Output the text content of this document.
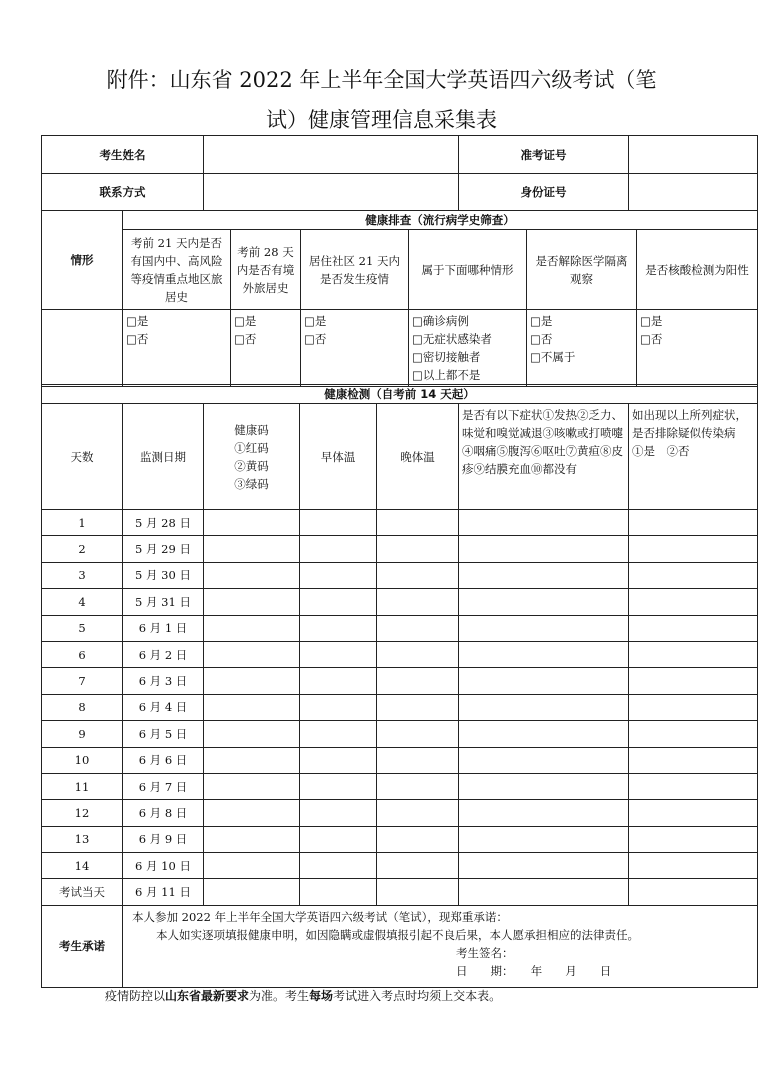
附件：山东省 2022 年上半年全国大学英语四六级考试（笔
试）健康管理信息采集表
考生姓名		准考证号	
联系方式		身份证号	
情形	健康排查（流行病学史筛查）					
	考前 21 天内是否有国内中、高风险等疫情重点地区旅居史	考前 28 天内是否有境外旅居史	居住社区 21 天内是否发生疫情	属于下面哪种情形	是否解除医学隔离观察	是否核酸检测为阳性

	□是
□否	□是
□否	□是
□否	□确诊病例
□无症状感染者
□密切接触者
□以上都不是	□是
□否
□不属于	□是
□否
健康检测（自考前 14 天起）						
天数	监测日期	健康码
①红码
②黄码
③绿码	早体温	晚体温	是否有以下症状①发热②乏力、味觉和嗅觉减退③咳嗽或打喷嚏④咽痛⑤腹泻⑥呕吐⑦黄疸⑧皮疹⑨结膜充血⑩都没有	如出现以上所列症状，是否排除疑似传染病
①是　②否
1	5 月 28 日					
2	5 月 29 日					
3	5 月 30 日					
4	5 月 31 日					
5	6 月 1 日					
6	6 月 2 日					
7	6 月 3 日					
8	6 月 4 日					
9	6 月 5 日					
10	6 月 6 日					
11	6 月 7 日					
12	6 月 8 日					
13	6 月 9 日					
14	6 月 10 日					
考试当天	6 月 11 日					
考生承诺	本人参加 2022 年上半年全国大学英语四六级考试（笔试），现郑重承诺：
本人如实逐项填报健康申明，如因隐瞒或虚假填报引起不良后果，本人愿承担相应的法律责任。
考生签名：
日　　期：　　年　　月　　日					
疫情防控以山东省最新要求为准。考生每场考试进入考点时均须上交本表。
